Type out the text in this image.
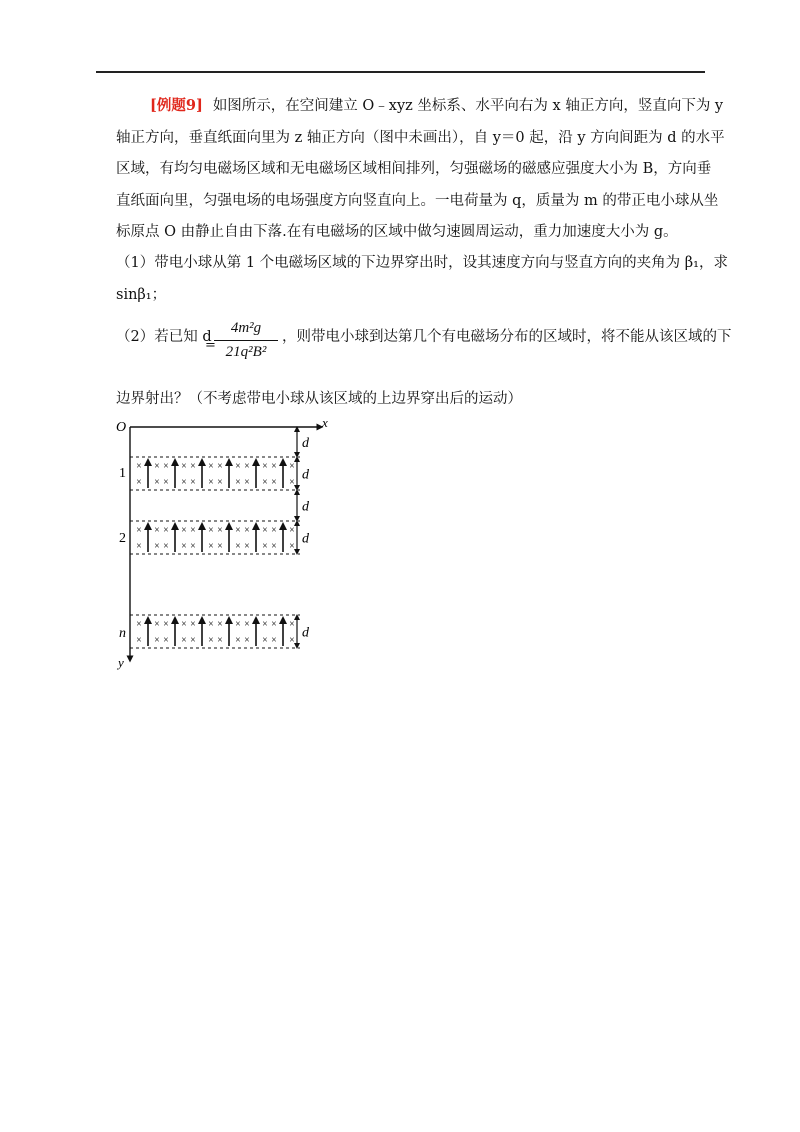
[例题9] 如图所示，在空间建立 O﹣xyz 坐标系、水平向右为 x 轴正方向，竖直向下为 y
轴正方向，垂直纸面向里为 z 轴正方向（图中未画出），自 y＝0 起，沿 y 方向间距为 d 的水平
区域，有均匀电磁场区域和无电磁场区域相间排列，匀强磁场的磁感应强度大小为 B，方向垂
直纸面向里，匀强电场的电场强度方向竖直向上。一电荷量为 q，质量为 m 的带正电小球从坐
标原点 O 由静止自由下落.在有电磁场的区域中做匀速圆周运动，重力加速度大小为 g。
（1）带电小球从第 1 个电磁场区域的下边界穿出时，设其速度方向与竖直方向的夹角为 β₁，求
sinβ₁；
（2）若已知 d
=
$\frac{\text{4m²g}}{\text{21q²B²}}$ ，则带电小球到达第几个有电磁场分布的区域时，将不能从该区域的下
边界射出？（不考虑带电小球从该区域的上边界穿出后的运动）
O	x
y
×
×
×
×
×
×
×
×
×
×
×
×
×
×
×
×
×
×
×
×
×
×
×
×
×
×
×
×
×
×
×
×
×
×
×
×
×
×
×
×
×
×
×
×
×
×
×
×
×
×
×
×
×
×
×
×
×
×
×
×
×
×
×
×
×
×
×
×
×
×
×
×
1
2
n
d
d
d
d
d
